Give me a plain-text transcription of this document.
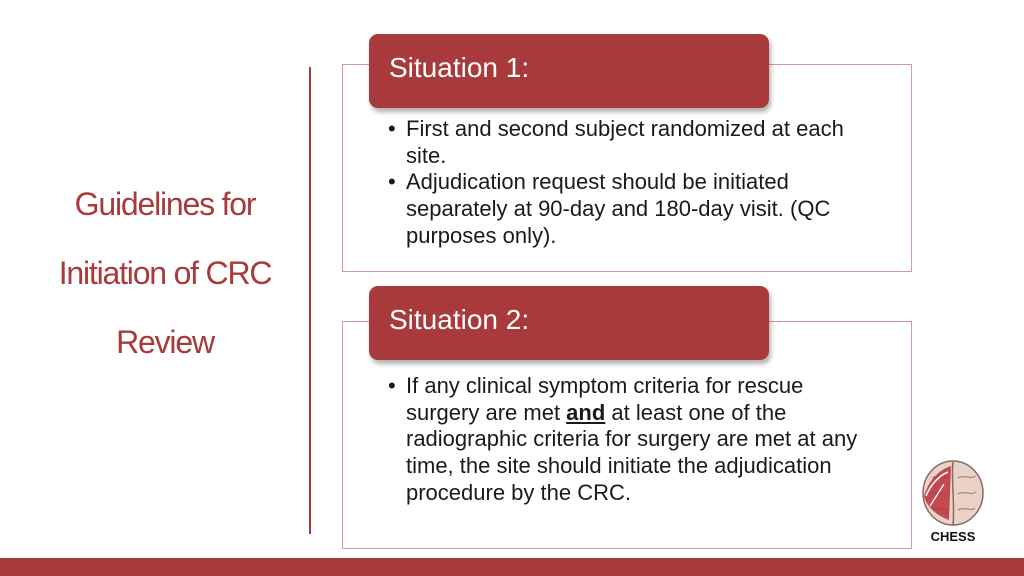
Guidelines for
Initiation of CRC
Review
Situation 1:
• First and second subject randomized at each site.
• Adjudication request should be initiated separately at 90-day and 180-day visit. (QC purposes only).
Situation 2:
• If any clinical symptom criteria for rescue surgery are met and at least one of the radiographic criteria for surgery are met at any time, the site should initiate the adjudication procedure by the CRC.
CHESS
